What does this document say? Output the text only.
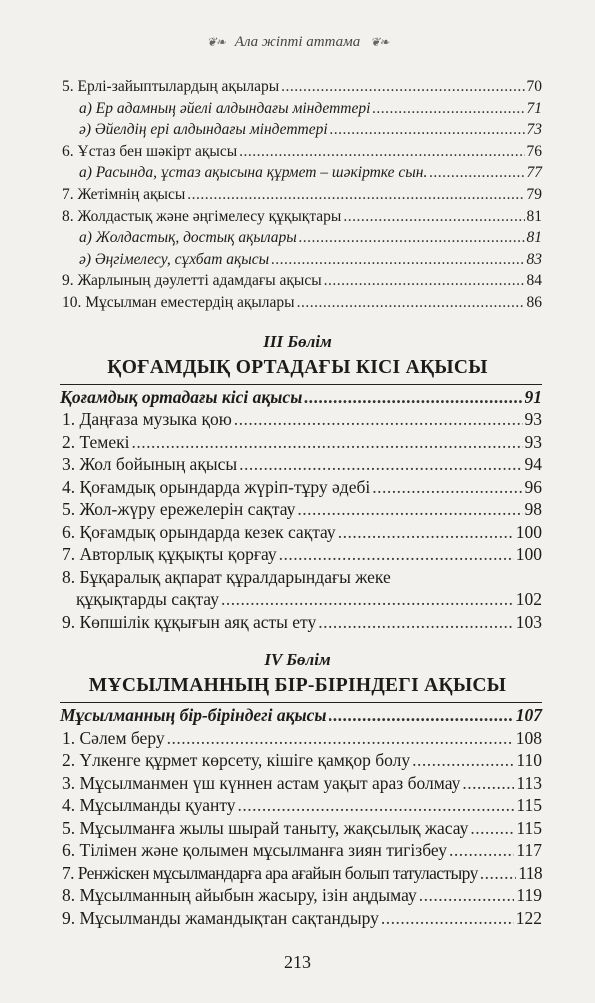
❦❧ Ала жіпті аттама ❦❧
5. Ерлі-зайыптылардың ақылары .....	70
а) Ер адамның әйелі алдындағы міндеттері .....	71
ә) Әйелдің ері алдындағы міндеттері .....	73
6. Ұстаз бен шәкірт ақысы .....	76
а) Расында, ұстаз ақысына құрмет – шәкіртке сын. .....	77
7. Жетімнің ақысы .....	79
8. Жолдастық және әңгімелесу құқықтары .....	81
а) Жолдастық, достық ақылары .....	81
ә) Әңгімелесу, сұхбат ақысы .....	83
9. Жарлының дәулетті адамдағы ақысы .....	84
10. Мұсылман еместердің ақылары .....	86
III Бөлім
ҚОҒАМДЫҚ ОРТАДАҒЫ КІСІ АҚЫСЫ
Қоғамдық ортадағы кісі ақысы .....	91
1. Даңғаза музыка қою .....	93
2. Темекі .....	93
3. Жол бойының ақысы .....	94
4. Қоғамдық орындарда жүріп-тұру әдебі .....	96
5. Жол-жүру ережелерін сақтау .....	98
6. Қоғамдық орындарда кезек сақтау .....	100
7. Авторлық құқықты қорғау .....	100
8. Бұқаралық ақпарат құралдарындағы жеке
құқықтарды сақтау .....	102
9. Көпшілік құқығын аяқ асты ету .....	103
IV Бөлім
МҰСЫЛМАННЫҢ БІР-БІРІНДЕГІ АҚЫСЫ
Мұсылманның бір-біріндегі ақысы .....	107
1. Сәлем беру .....	108
2. Үлкенге құрмет көрсету, кішіге қамқор болу .....	110
3. Мұсылманмен үш күннен астам уақыт араз болмау .....	113
4. Мұсылманды қуанту .....	115
5. Мұсылманға жылы шырай таныту, жақсылық жасау .....	115
6. Тілімен және қолымен мұсылманға зиян тигізбеу .....	117
7. Ренжіскен мұсылмандарға ара ағайын болып татуластыру ..... 118
8. Мұсылманның айыбын жасыру, ізін аңдымау .....	119
9. Мұсылманды жамандықтан сақтандыру .....	122
213
